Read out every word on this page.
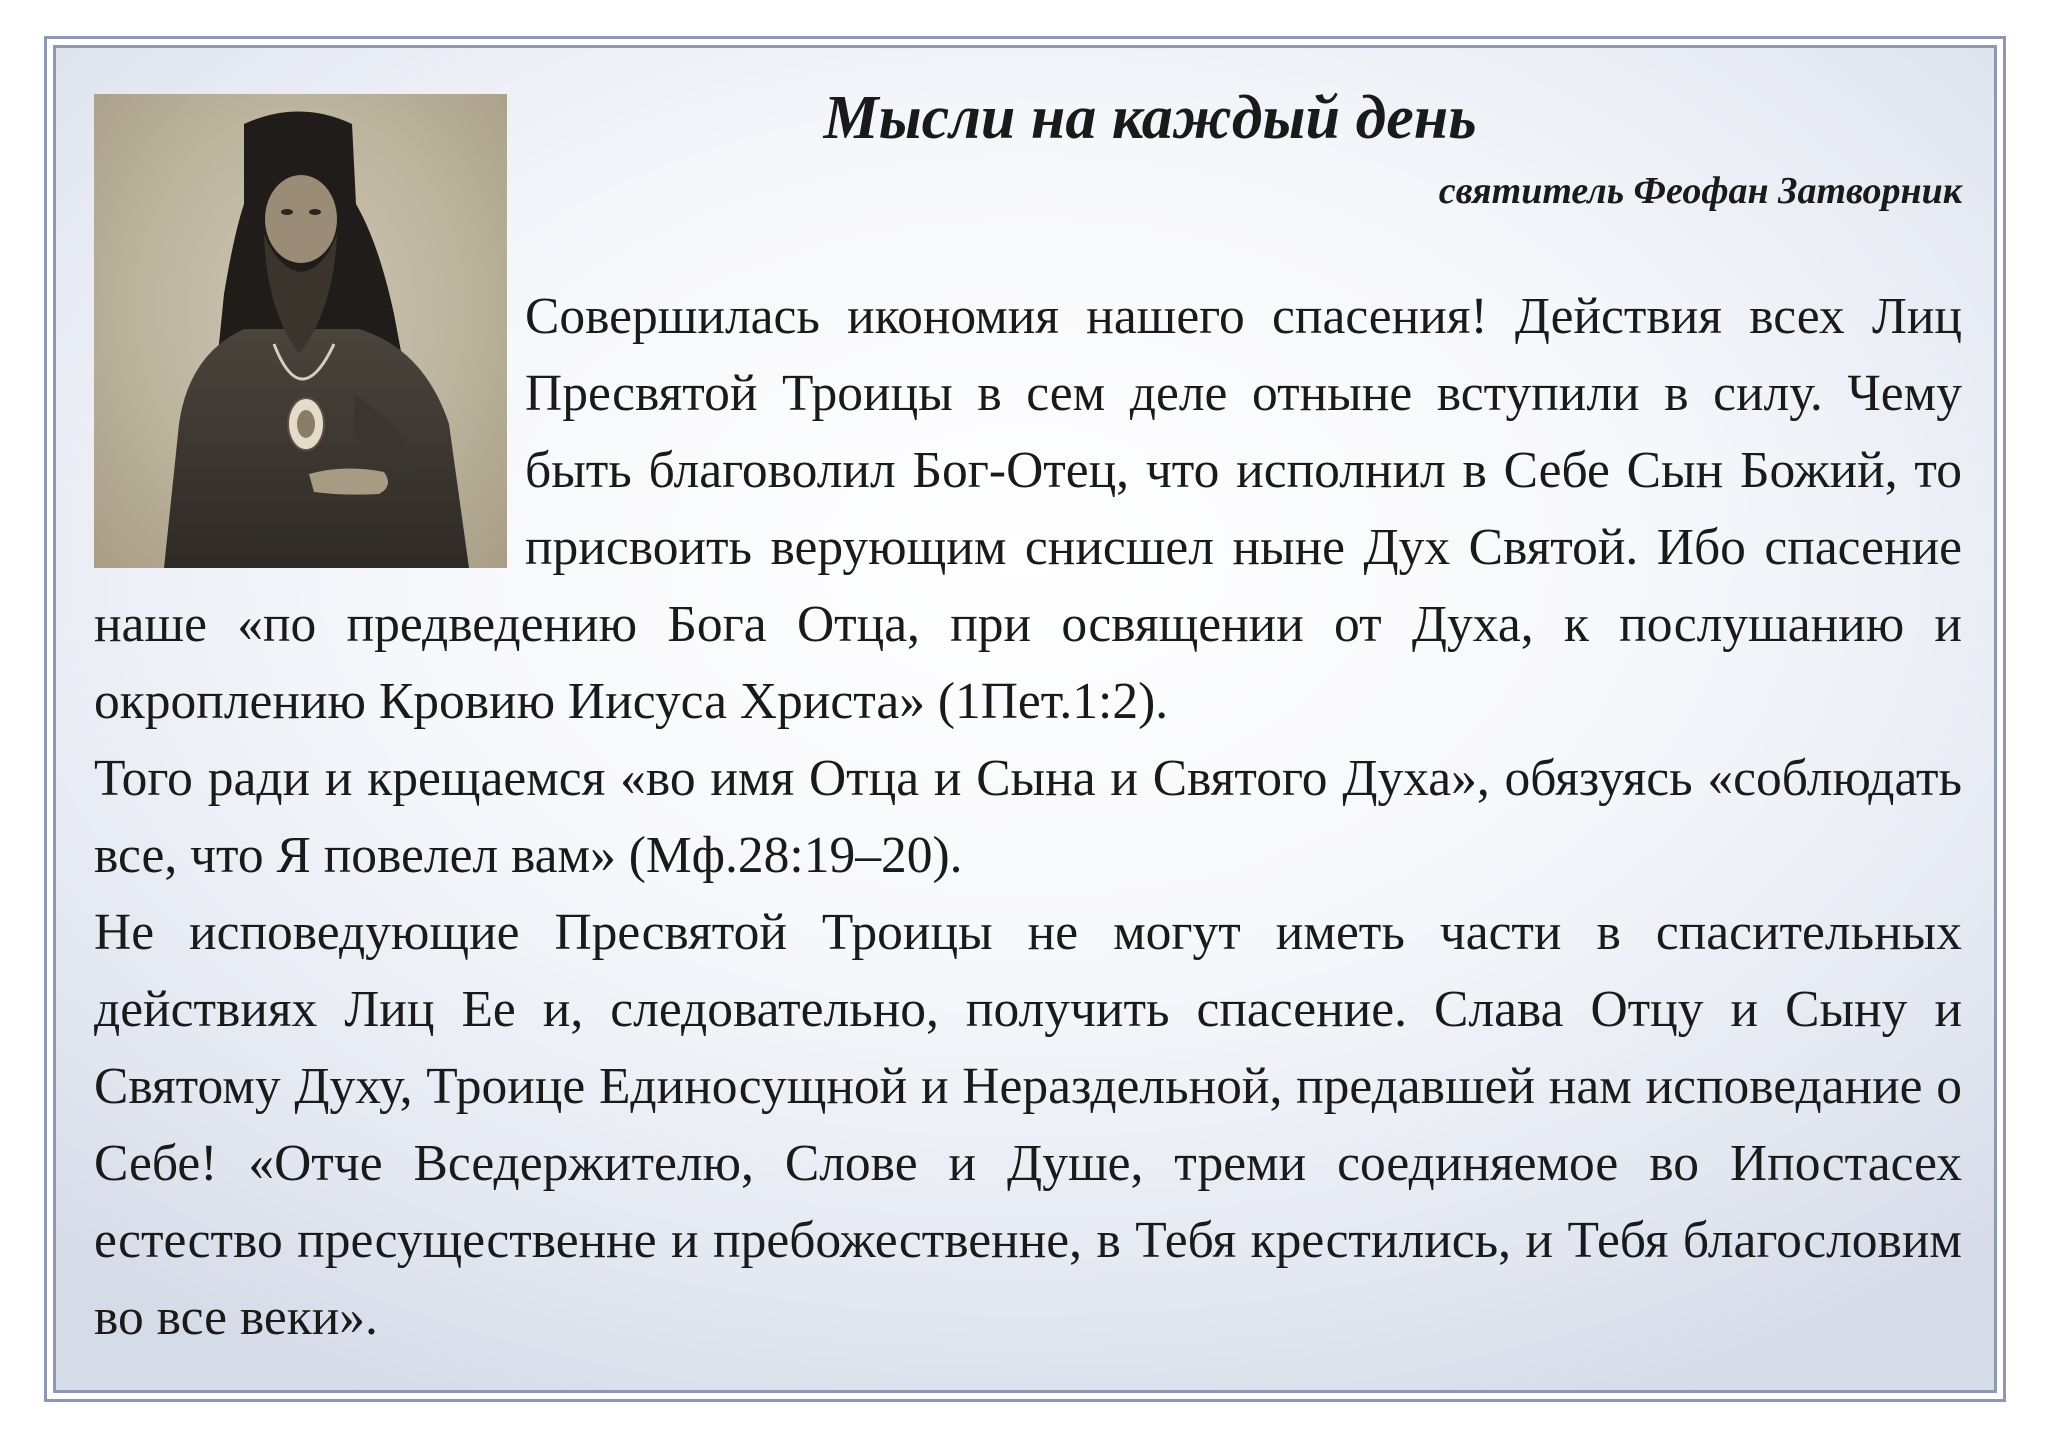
Мысли на каждый день
святитель Феофан Затворник

Совершилась икономия нашего спасения! Действия всех Лиц Пресвятой Троицы в сем деле отныне вступили в силу. Чему быть благоволил Бог-Отец, что исполнил в Себе Сын Божий, то присвоить верующим снисшел ныне Дух Святой. Ибо спасение наше «по предведению Бога Отца, при освящении от Духа, к послушанию и окроплению Кровию Иисуса Христа» (1Пет.1:2).

Того ради и крещаемся «во имя Отца и Сына и Святого Духа», обязуясь «соблюдать все, что Я повелел вам» (Мф.28:19–20).

Не исповедующие Пресвятой Троицы не могут иметь части в спасительных действиях Лиц Ее и, следовательно, получить спасение. Слава Отцу и Сыну и Святому Духу, Троице Единосущной и Нераздельной, предавшей нам исповедание о Себе! «Отче Вседержителю, Слове и Душе, треми соединяемое во Ипостасех естество пресущественне и пребожественне, в Тебя крестились, и Тебя благословим во все веки».
